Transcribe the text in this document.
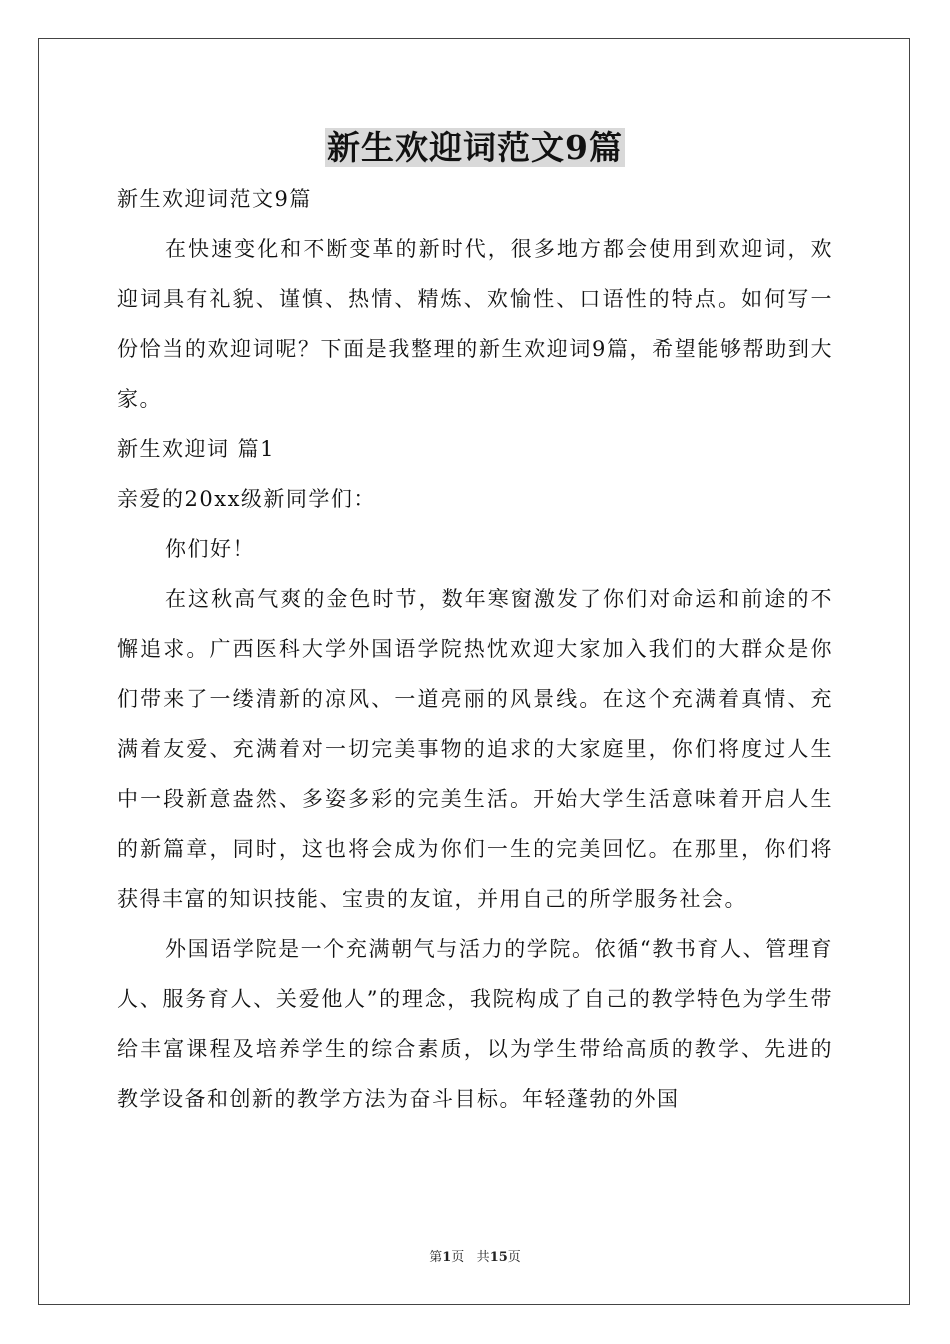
新生欢迎词范文9篇

新生欢迎词范文9篇

在快速变化和不断变革的新时代，很多地方都会使用到欢迎词，欢迎词具有礼貌、谨慎、热情、精炼、欢愉性、口语性的特点。如何写一份恰当的欢迎词呢？下面是我整理的新生欢迎词9篇，希望能够帮助到大家。

新生欢迎词 篇1

亲爱的20xx级新同学们：

你们好！

在这秋高气爽的金色时节，数年寒窗激发了你们对命运和前途的不懈追求。广西医科大学外国语学院热忱欢迎大家加入我们的大群众是你们带来了一缕清新的凉风、一道亮丽的风景线。在这个充满着真情、充满着友爱、充满着对一切完美事物的追求的大家庭里，你们将度过人生中一段新意盎然、多姿多彩的完美生活。开始大学生活意味着开启人生的新篇章，同时，这也将会成为你们一生的完美回忆。在那里，你们将获得丰富的知识技能、宝贵的友谊，并用自己的所学服务社会。

外国语学院是一个充满朝气与活力的学院。依循“教书育人、管理育人、服务育人、关爱他人”的理念，我院构成了自己的教学特色为学生带给丰富课程及培养学生的综合素质，以为学生带给高质的教学、先进的教学设备和创新的教学方法为奋斗目标。年轻蓬勃的外国

第1页 共15页
